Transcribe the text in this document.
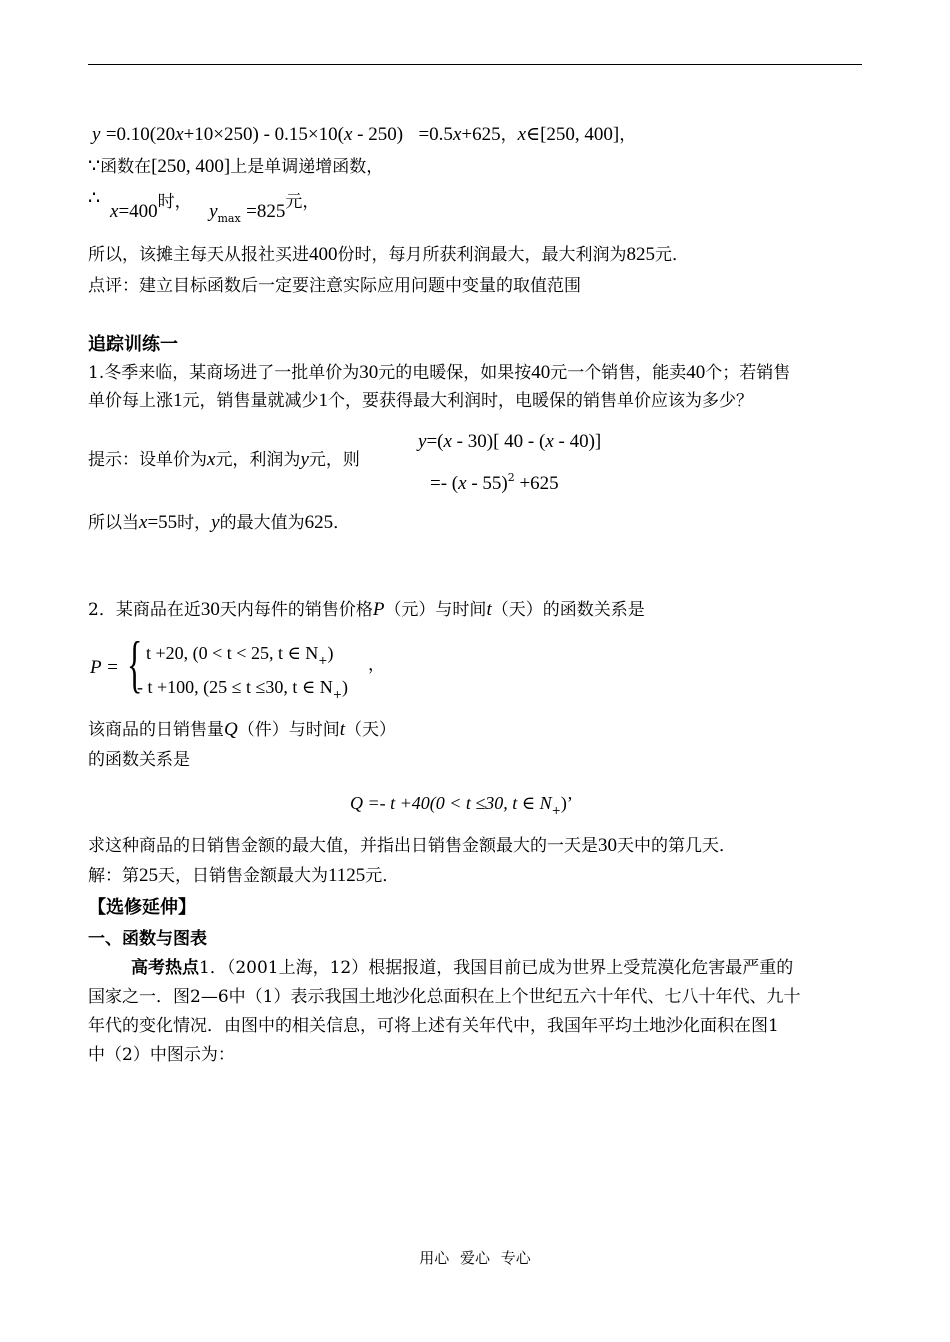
y =0.10(20x+10×250) - 0.15×10(x - 250) =0.5x+625，x∈[250, 400]，
∵函数在[250, 400]上是单调递增函数，
∴
x=400时， $y_{max} =825$元，
所以，该摊主每天从报社买进400份时，每月所获利润最大，最大利润为825元．
点评：建立目标函数后一定要注意实际应用问题中变量的取值范围
追踪训练一
1.冬季来临，某商场进了一批单价为30元的电暖保，如果按40元一个销售，能卖40个；若销售
单价每上涨1元，销售量就减少1个，要获得最大利润时，电暖保的销售单价应该为多少？
提示：设单价为x元，利润为y元，则
y=(x - 30)[ 40 - (x - 40)]
=- (x - 55)$^2$ +625
所以当x=55时，y的最大值为625．
2．某商品在近30天内每件的销售价格P（元）与时间t（天）的函数关系是
P = { t +20, (0 < t < 25, t ∈ $N_+$)
- t +100, (25 ≤ t ≤30, t ∈ $N_+$)
，
该商品的日销售量Q（件）与时间t（天）
的函数关系是
Q =- t +40(0 < t ≤30, t ∈ $N_+$)’
求这种商品的日销售金额的最大值，并指出日销售金额最大的一天是30天中的第几天．
解：第25天，日销售金额最大为1125元．
【选修延伸】
一、函数与图表
高考热点1．（2001上海，12）根据报道，我国目前已成为世界上受荒漠化危害最严重的
国家之一．图2—6中（1）表示我国土地沙化总面积在上个世纪五六十年代、七八十年代、九十
年代的变化情况．由图中的相关信息，可将上述有关年代中，我国年平均土地沙化面积在图1
中（2）中图示为：
用心 爱心 专心
